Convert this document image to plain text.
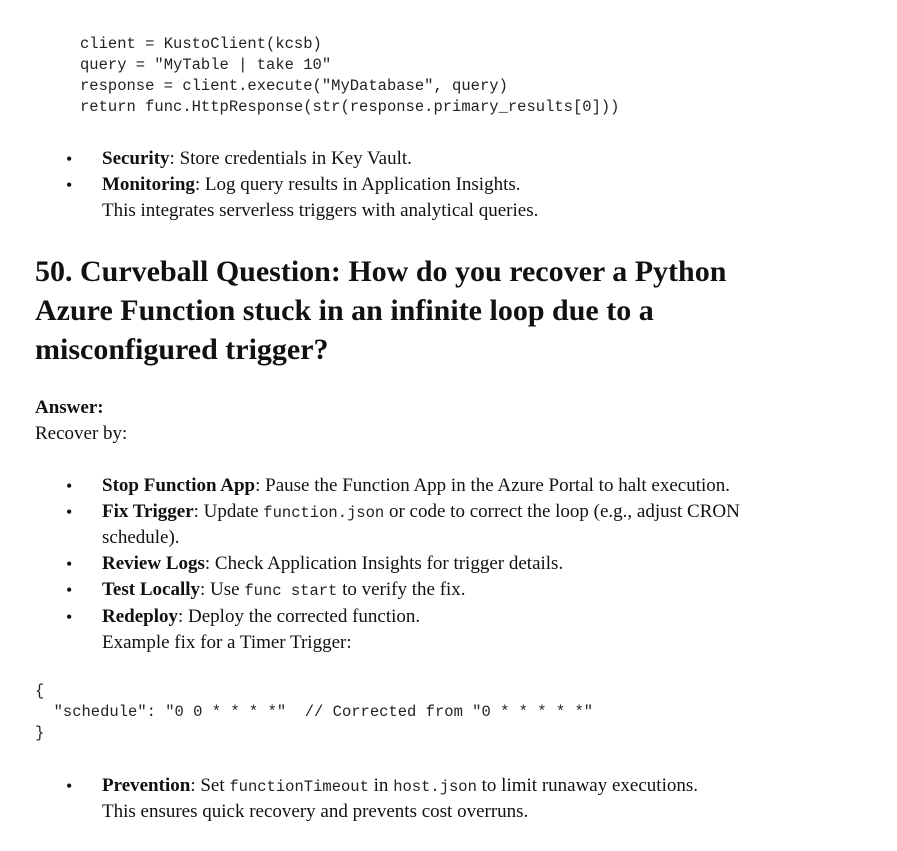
client = KustoClient(kcsb)
query = "MyTable | take 10"
response = client.execute("MyDatabase", query)
return func.HttpResponse(str(response.primary_results[0]))
• Security: Store credentials in Key Vault.
• Monitoring: Log query results in Application Insights.
This integrates serverless triggers with analytical queries.
50. Curveball Question: How do you recover a Python
Azure Function stuck in an infinite loop due to a
misconfigured trigger?
Answer:
Recover by:
• Stop Function App: Pause the Function App in the Azure Portal to halt execution.
• Fix Trigger: Update function.json or code to correct the loop (e.g., adjust CRON
schedule).
• Review Logs: Check Application Insights for trigger details.
• Test Locally: Use func start to verify the fix.
• Redeploy: Deploy the corrected function.
Example fix for a Timer Trigger:
{
"schedule": "0 0 * * * *"  // Corrected from "0 * * * * *"
}
• Prevention: Set functionTimeout in host.json to limit runaway executions.
This ensures quick recovery and prevents cost overruns.
